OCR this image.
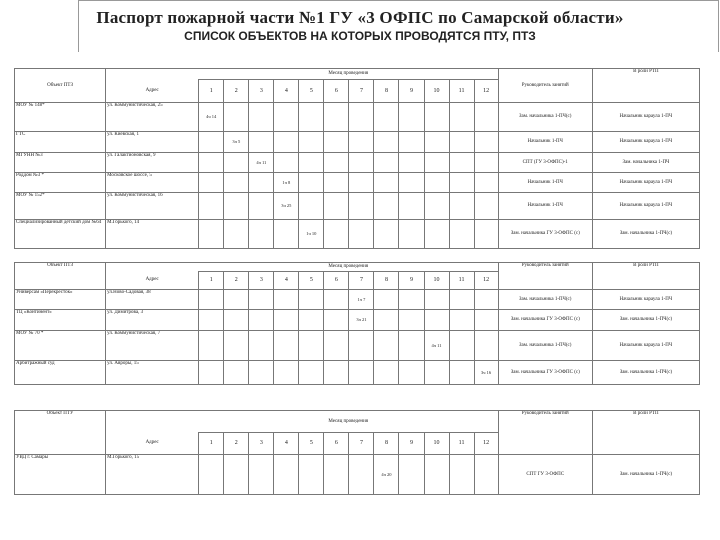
Паспорт пожарной части №1 ГУ «3 ОФПС по Самарской области»
СПИСОК ОБЪЕКТОВ НА КОТОРЫХ ПРОВОДЯТСЯ ПТУ, ПТЗ
Объект ПТЗ		Месяц проведения												Руководитель занятий	В роли РТП
	Адрес	1	2	3	4	5	6	7	8	9	10	11	12		
МОУ № 148*	ул. Коммунистическая, 25	4ч 14												Зам. начальника 1-ПЧ(с)	Начальник караула 1-ПЧ
ГТС	ул. Киевская, 1		3ч 5											Начальник 1-ПЧ	Начальник караула 1-ПЧ
МГУНН №3	ул. Галактионовская, 9			4ч 11										СПТ (ГУ 3-ОФПС)-1	Зам. начальника 1-ПЧ
Роддом №3 *	Московское шоссе, 5				1ч 8									Начальник 1-ПЧ	Начальник караула 1-ПЧ
МОУ № 152*	ул. Коммунистическая, 16				3ч 25									Начальник 1-ПЧ	Начальник караула 1-ПЧ
Специализированный детский дом №64	М.Горького, 14					1ч 10								Зам. начальника ГУ 3-ОФПС (с)	Зам. начальника 1-ПЧ(с)
Объект ПТЗ		Месяц проведения												Руководитель занятий	В роли РТП
	Адрес	1	2	3	4	5	6	7	8	9	10	11	12		
Универсам «Перекресток»	ул.Ново-Садовая, 38							1ч 7						Зам. начальника 1-ПЧ(с)	Начальник караула 1-ПЧ
ТЦ «Континент»	ул. Димитрова, 3							3ч 21						Зам. начальника ГУ 3-ОФПС (с)	Зам. начальника 1-ПЧ(с)
МОУ № 70 *	ул. Коммунистическая, 7										4ч 11			Зам. начальника 1-ПЧ(с)	Начальник караула 1-ПЧ
Арбитражный суд	ул. Авроры, 15												3ч 16	Зам. начальника ГУ 3-ОФПС (с)	Зам. начальника 1-ПЧ(с)
Объект ПТУ		Месяц проведения												Руководитель занятий	В роли РТП
	Адрес	1	2	3	4	5	6	7	8	9	10	11	12		
УВД г. Самары	М.Горького, 15								4ч 20					СПТ ГУ 3-ОФПС	Зам. начальника 1-ПЧ(с)
